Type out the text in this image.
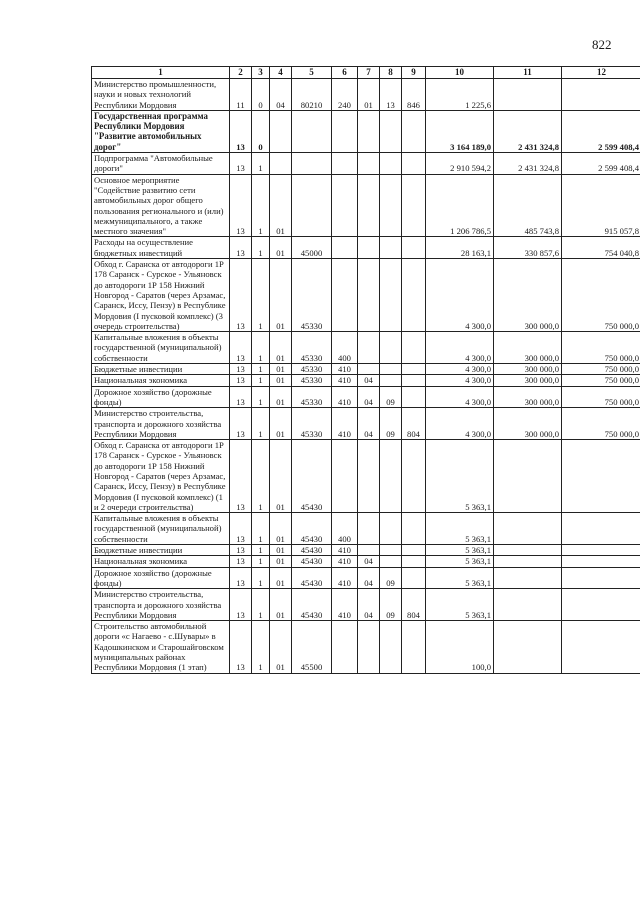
822
1	2	3	4	5	6	7	8	9	10	11	12
Министерство промышленности, науки и новых технологий Республики Мордовия	11	0	04	80210	240	01	13	846	1 225,6		
Государственная программа Республики Мордовия "Развитие автомобильных дорог"	13	0							3 164 189,0	2 431 324,8	2 599 408,4
Подпрограмма "Автомобильные дороги"	13	1							2 910 594,2	2 431 324,8	2 599 408,4
Основное мероприятие "Содействие развитию сети автомобильных дорог общего пользования регионального и (или) межмуниципального, а также местного значения"	13	1	01						1 206 786,5	485 743,8	915 057,8
Расходы на осуществление бюджетных инвестиций	13	1	01	45000					28 163,1	330 857,6	754 040,8
Обход г. Саранска от автодороги 1Р 178 Саранск - Сурское - Ульяновск до автодороги 1Р 158 Нижний Новгород - Саратов (через Арзамас, Саранск, Исcу, Пензу) в Республике Мордовия (I пусковой комплекс) (3 очередь строительства)	13	1	01	45330					4 300,0	300 000,0	750 000,0
Капитальные вложения в объекты государственной (муниципальной) собственности	13	1	01	45330	400				4 300,0	300 000,0	750 000,0
Бюджетные инвестиции	13	1	01	45330	410				4 300,0	300 000,0	750 000,0
Национальная экономика	13	1	01	45330	410	04			4 300,0	300 000,0	750 000,0
Дорожное хозяйство (дорожные фонды)	13	1	01	45330	410	04	09		4 300,0	300 000,0	750 000,0
Министерство строительства, транспорта и дорожного хозяйства Республики Мордовия	13	1	01	45330	410	04	09	804	4 300,0	300 000,0	750 000,0
Обход г. Саранска от автодороги 1Р 178 Саранск - Сурское - Ульяновск до автодороги 1Р 158 Нижний Новгород - Саратов (через Арзамас, Саранск, Исcу, Пензу) в Республике Мордовия (I пусковой комплекс) (1 и 2 очереди строительства)	13	1	01	45430					5 363,1		
Капитальные вложения в объекты государственной (муниципальной) собственности	13	1	01	45430	400				5 363,1		
Бюджетные инвестиции	13	1	01	45430	410				5 363,1		
Национальная экономика	13	1	01	45430	410	04			5 363,1		
Дорожное хозяйство (дорожные фонды)	13	1	01	45430	410	04	09		5 363,1		
Министерство строительства, транспорта и дорожного хозяйства Республики Мордовия	13	1	01	45430	410	04	09	804	5 363,1		
Строительство автомобильной дороги «с Нагаево - с.Шувары» в Кадошкинском и Старошайговском муниципальных районах Республики Мордовия (1 этап)	13	1	01	45500					100,0		
